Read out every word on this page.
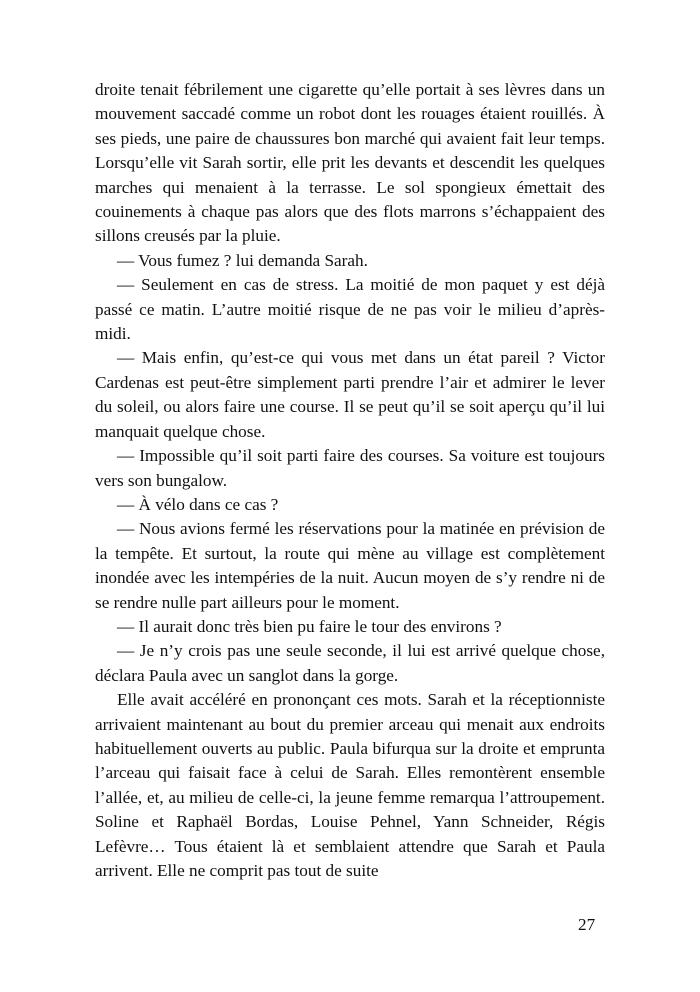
droite tenait fébrilement une cigarette qu’elle portait à ses lèvres dans un mouvement saccadé comme un robot dont les rouages étaient rouillés. À ses pieds, une paire de chaussures bon marché qui avaient fait leur temps. Lorsqu’elle vit Sarah sortir, elle prit les devants et descendit les quelques marches qui menaient à la terrasse. Le sol spongieux émettait des couinements à chaque pas alors que des flots marrons s’échappaient des sillons creusés par la pluie.

— Vous fumez ? lui demanda Sarah.

— Seulement en cas de stress. La moitié de mon paquet y est déjà passé ce matin. L’autre moitié risque de ne pas voir le milieu d’après-midi.

— Mais enfin, qu’est-ce qui vous met dans un état pareil ? Victor Cardenas est peut-être simplement parti prendre l’air et admirer le lever du soleil, ou alors faire une course. Il se peut qu’il se soit aperçu qu’il lui manquait quelque chose.

— Impossible qu’il soit parti faire des courses. Sa voiture est toujours vers son bungalow.

— À vélo dans ce cas ?

— Nous avions fermé les réservations pour la matinée en prévision de la tempête. Et surtout, la route qui mène au village est complètement inondée avec les intempéries de la nuit. Aucun moyen de s’y rendre ni de se rendre nulle part ailleurs pour le moment.

— Il aurait donc très bien pu faire le tour des environs ?

— Je n’y crois pas une seule seconde, il lui est arrivé quelque chose, déclara Paula avec un sanglot dans la gorge.

Elle avait accéléré en prononçant ces mots. Sarah et la réceptionniste arrivaient maintenant au bout du premier arceau qui menait aux endroits habituellement ouverts au public. Paula bifurqua sur la droite et emprunta l’arceau qui faisait face à celui de Sarah. Elles remontèrent ensemble l’allée, et, au milieu de celle-ci, la jeune femme remarqua l’attroupement. Soline et Raphaël Bordas, Louise Pehnel, Yann Schneider, Régis Lefèvre… Tous étaient là et semblaient attendre que Sarah et Paula arrivent. Elle ne comprit pas tout de suite

27
